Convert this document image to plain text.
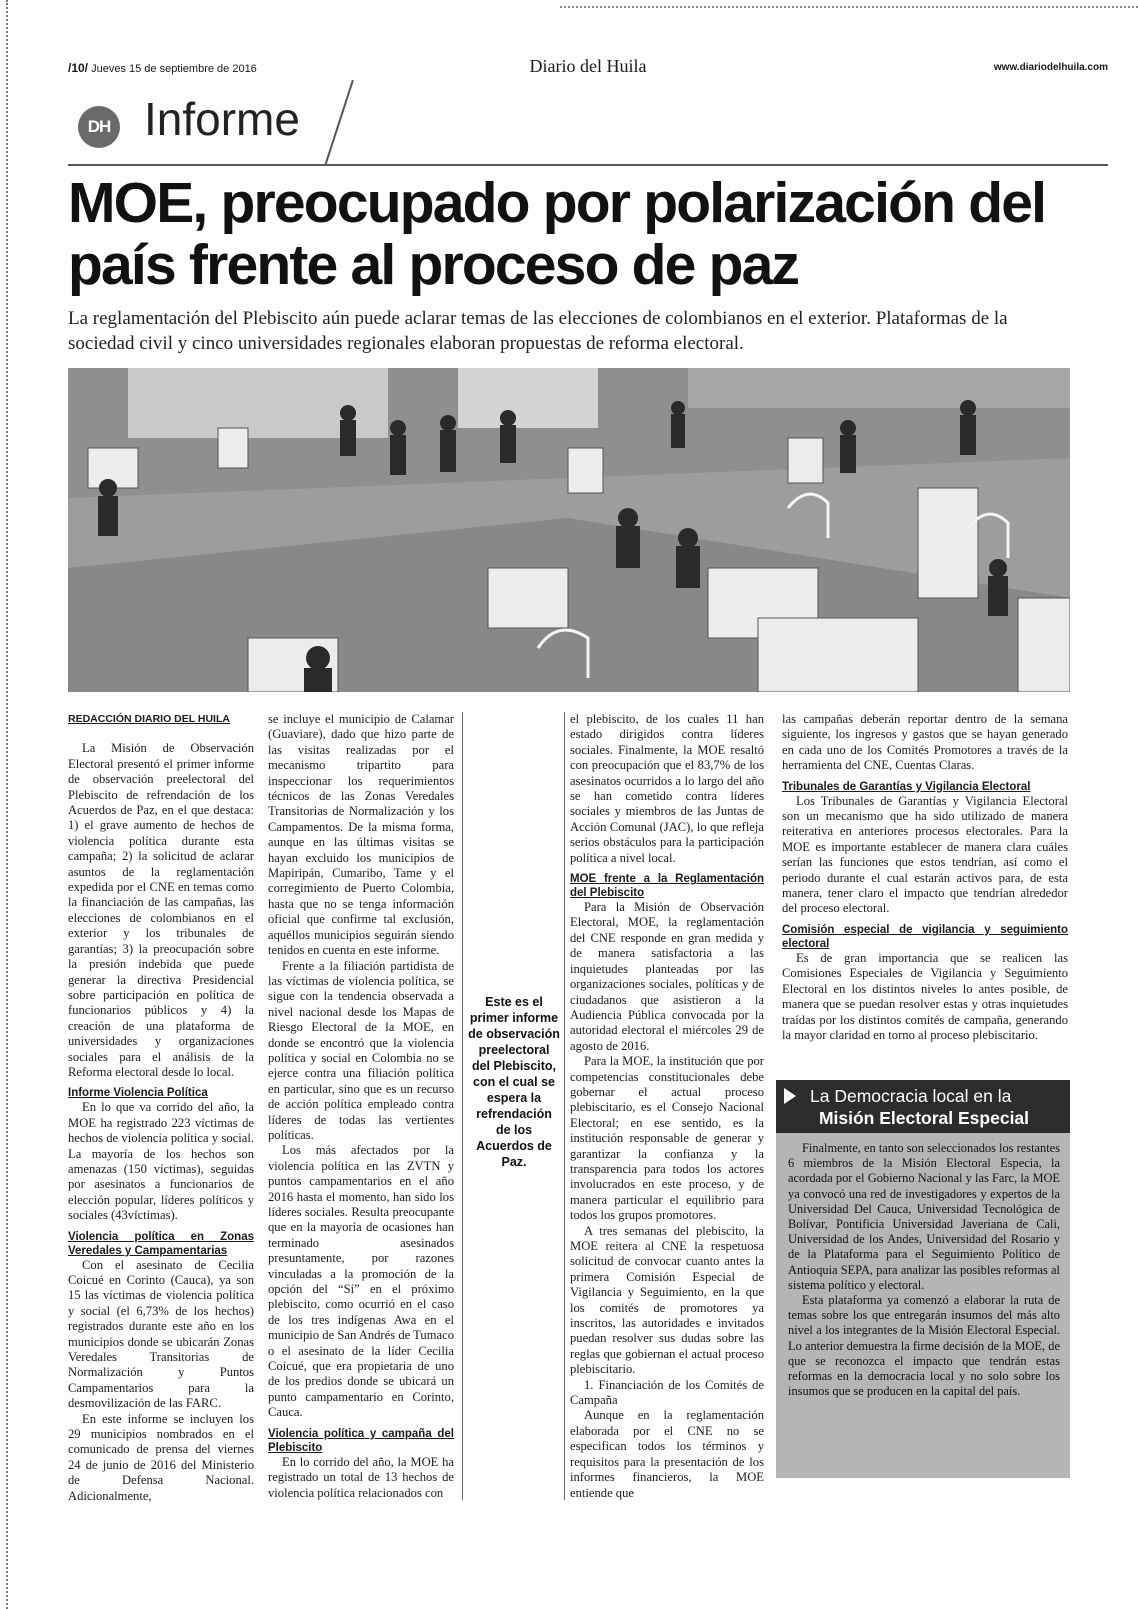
/10/ Jueves 15 de septiembre de 2016	Diario del Huila	www.diariodelhuila.com
DH Informe
MOE, preocupado por polarización del país frente al proceso de paz
La reglamentación del Plebiscito aún puede aclarar temas de las elecciones de colombianos en el exterior. Plataformas de la sociedad civil y cinco universidades regionales elaboran propuestas de reforma electoral.
REDACCIÓN DIARIO DEL HUILA

La Misión de Observación Electoral presentó el primer informe de observación preelectoral del Plebiscito de refrendación de los Acuerdos de Paz, en el que destaca: 1) el grave aumento de hechos de violencia política durante esta campaña; 2) la solicitud de aclarar asuntos de la reglamentación expedida por el CNE en temas como la financiación de las campañas, las elecciones de colombianos en el exterior y los tribunales de garantías; 3) la preocupación sobre la presión indebida que puede generar la directiva Presidencial sobre participación en política de funcionarios públicos y 4) la creación de una plataforma de universidades y organizaciones sociales para el análisis de la Reforma electoral desde lo local.

Informe Violencia Política

En lo que va corrido del año, la MOE ha registrado 223 víctimas de hechos de violencia política y social. La mayoría de los hechos son amenazas (150 víctimas), seguidas por asesinatos a funcionarios de elección popular, líderes políticos y sociales (43víctimas).

Violencia política en Zonas Veredales y Campamentarias

Con el asesinato de Cecilia Coicué en Corinto (Cauca), ya son 15 las víctimas de violencia política y social (el 6,73% de los hechos) registrados durante este año en los municipios donde se ubicarán Zonas Veredales Transitorias de Normalización y Puntos Campamentarios para la desmovilización de las FARC.

En este informe se incluyen los 29 municipios nombrados en el comunicado de prensa del viernes 24 de junio de 2016 del Ministerio de Defensa Nacional. Adicionalmente,

se incluye el municipio de Calamar (Guaviare), dado que hizo parte de las visitas realizadas por el mecanismo tripartito para inspeccionar los requerimientos técnicos de las Zonas Veredales Transitorias de Normalización y los Campamentos. De la misma forma, aunque en las últimas visitas se hayan excluido los municipios de Mapiripán, Cumaribo, Tame y el corregimiento de Puerto Colombia, hasta que no se tenga información oficial que confirme tal exclusión, aquéllos municipios seguirán siendo tenidos en cuenta en este informe.

Frente a la filiación partidista de las víctimas de violencia política, se sigue con la tendencia observada a nivel nacional desde los Mapas de Riesgo Electoral de la MOE, en donde se encontró que la violencia política y social en Colombia no se ejerce contra una filiación política en particular, sino que es un recurso de acción política empleado contra líderes de todas las vertientes políticas.

Los más afectados por la violencia política en las ZVTN y puntos campamentarios en el año 2016 hasta el momento, han sido los líderes sociales. Resulta preocupante que en la mayoría de ocasiones han terminado asesinados presuntamente, por razones vinculadas a la promoción de la opción del “Sí” en el próximo plebiscito, como ocurrió en el caso de los tres indígenas Awa en el municipio de San Andrés de Tumaco o el asesinato de la líder Cecilia Coicué, que era propietaria de uno de los predios donde se ubicará un punto campamentario en Corinto, Cauca.

Violencia política y campaña del Plebiscito

En lo corrido del año, la MOE ha registrado un total de 13 hechos de violencia política relacionados con

Este es el primer informe de observación preelectoral del Plebiscito, con el cual se espera la refrendación de los Acuerdos de Paz.

el plebiscito, de los cuales 11 han estado dirigidos contra líderes sociales. Finalmente, la MOE resaltó con preocupación que el 83,7% de los asesinatos ocurridos a lo largo del año se han cometido contra líderes sociales y miembros de las Juntas de Acción Comunal (JAC), lo que refleja serios obstáculos para la participación política a nivel local.

MOE frente a la Reglamentación del Plebiscito

Para la Misión de Observación Electoral, MOE, la reglamentación del CNE responde en gran medida y de manera satisfactoria a las inquietudes planteadas por las organizaciones sociales, políticas y de ciudadanos que asistieron a la Audiencia Pública convocada por la autoridad electoral el miércoles 29 de agosto de 2016.

Para la MOE, la institución que por competencias constitucionales debe gobernar el actual proceso plebiscitario, es el Consejo Nacional Electoral; en ese sentido, es la institución responsable de generar y garantizar la confianza y la transparencia para todos los actores involucrados en este proceso, y de manera particular el equilibrio para todos los grupos promotores.

A tres semanas del plebiscito, la MOE reitera al CNE la respetuosa solicitud de convocar cuanto antes la primera Comisión Especial de Vigilancia y Seguimiento, en la que los comités de promotores ya inscritos, las autoridades e invitados puedan resolver sus dudas sobre las reglas que gobiernan el actual proceso plebiscitario.

1. Financiación de los Comités de Campaña

Aunque en la reglamentación elaborada por el CNE no se especifican todos los términos y requisitos para la presentación de los informes financieros, la MOE entiende que

las campañas deberán reportar dentro de la semana siguiente, los ingresos y gastos que se hayan generado en cada uno de los Comités Promotores a través de la herramienta del CNE, Cuentas Claras.

Tribunales de Garantías y Vigilancia Electoral

Los Tribunales de Garantías y Vigilancia Electoral son un mecanismo que ha sido utilizado de manera reiterativa en anteriores procesos electorales. Para la MOE es importante establecer de manera clara cuáles serían las funciones que estos tendrían, así como el periodo durante el cual estarán activos para, de esta manera, tener claro el impacto que tendrían alrededor del proceso electoral.

Comisión especial de vigilancia y seguimiento electoral

Es de gran importancia que se realicen las Comisiones Especiales de Vigilancia y Seguimiento Electoral en los distintos niveles lo antes posible, de manera que se puedan resolver estas y otras inquietudes traídas por los distintos comités de campaña, generando la mayor claridad en torno al proceso plebiscitario.

La Democracia local en la
Misión Electoral Especial

Finalmente, en tanto son seleccionados los restantes 6 miembros de la Misión Electoral Especia, la acordada por el Gobierno Nacional y las Farc, la MOE ya convocó una red de investigadores y expertos de la Universidad Del Cauca, Universidad Tecnológica de Bolívar, Pontificia Universidad Javeriana de Cali, Universidad de los Andes, Universidad del Rosario y de la Plataforma para el Seguimiento Político de Antioquia SEPA, para analizar las posibles reformas al sistema político y electoral.

Esta plataforma ya comenzó a elaborar la ruta de temas sobre los que entregarán insumos del más alto nivel a los integrantes de la Misión Electoral Especial. Lo anterior demuestra la firme decisión de la MOE, de que se reconozca el impacto que tendrán estas reformas en la democracia local y no solo sobre los insumos que se producen en la capital del país.
